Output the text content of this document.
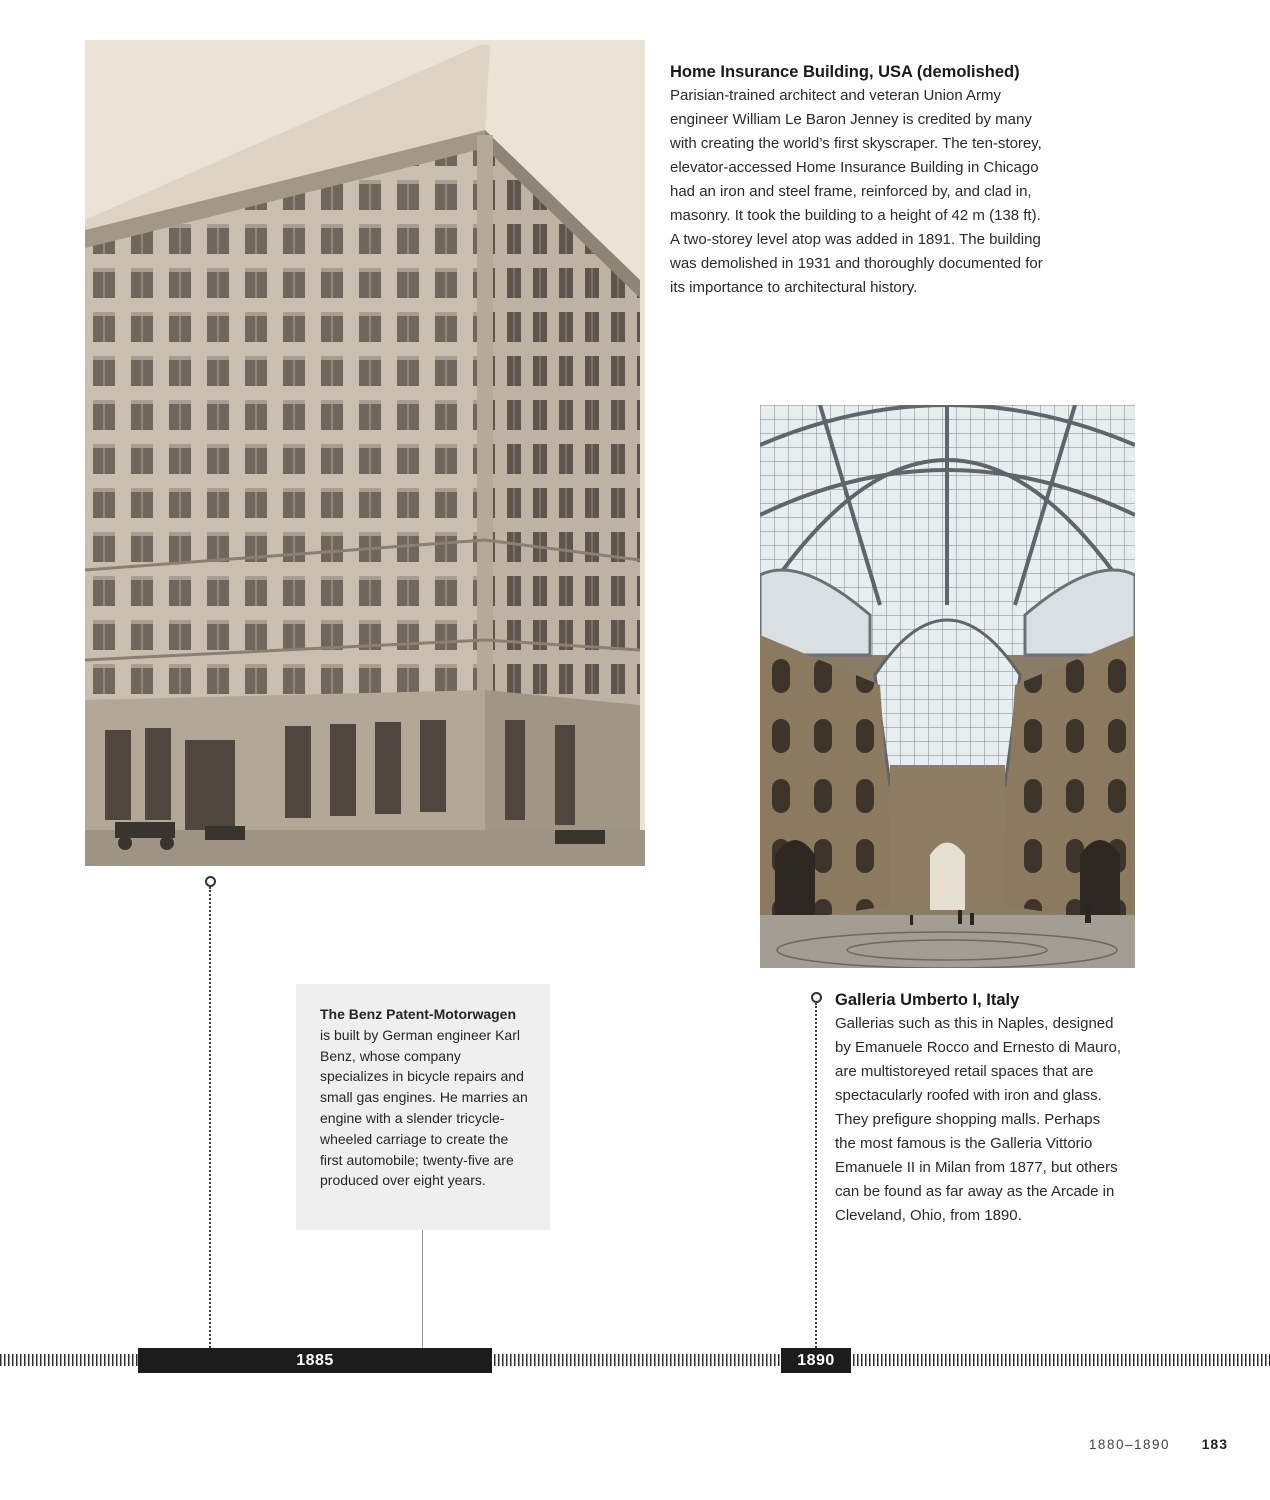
Home Insurance Building, USA (demolished)
Parisian-trained architect and veteran Union Army engineer William Le Baron Jenney is credited by many with creating the world’s first skyscraper. The ten-storey, elevator-accessed Home Insurance Building in Chicago had an iron and steel frame, reinforced by, and clad in, masonry. It took the building to a height of 42 m (138 ft). A two-storey level atop was added in 1891. The building was demolished in 1931 and thoroughly documented for its importance to architectural history.
Galleria Umberto I, Italy
Gallerias such as this in Naples, designed by Emanuele Rocco and Ernesto di Mauro, are multistoreyed retail spaces that are spectacularly roofed with iron and glass. They prefigure shopping malls. Perhaps the most famous is the Galleria Vittorio Emanuele II in Milan from 1877, but others can be found as far away as the Arcade in Cleveland, Ohio, from 1890.
The Benz Patent-Motorwagen is built by German engineer Karl Benz, whose company specializes in bicycle repairs and small gas engines. He marries an engine with a slender tricycle-wheeled carriage to create the first automobile; twenty-five are produced over eight years.
1885	1890
1880–1890 183
